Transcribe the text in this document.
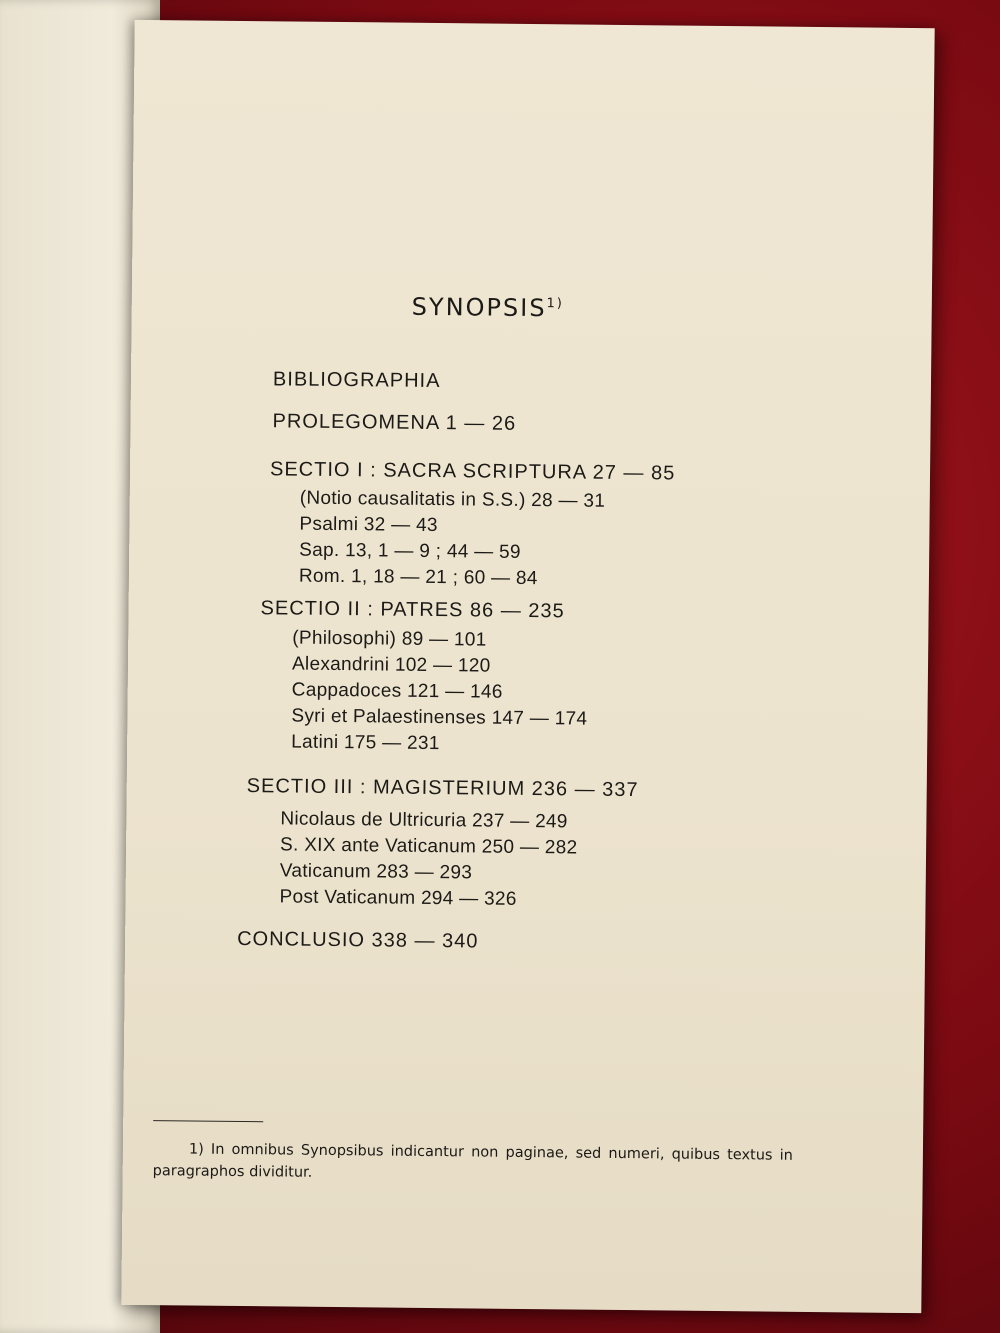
SYNOPSIS$^{1)}$
BIBLIOGRAPHIA
PROLEGOMENA 1 — 26
SECTIO I : SACRA SCRIPTURA 27 — 85
(Notio causalitatis in S.S.) 28 — 31
Psalmi 32 — 43
Sap. 13, 1 — 9 ; 44 — 59
Rom. 1, 18 — 21 ; 60 — 84
SECTIO II : PATRES 86 — 235
(Philosophi) 89 — 101
Alexandrini 102 — 120
Cappadoces 121 — 146
Syri et Palaestinenses 147 — 174
Latini 175 — 231
SECTIO III : MAGISTERIUM 236 — 337
Nicolaus de Ultricuria 237 — 249
S. XIX ante Vaticanum 250 — 282
Vaticanum 283 — 293
Post Vaticanum 294 — 326
CONCLUSIO 338 — 340
1) In omnibus Synopsibus indicantur non paginae, sed numeri, quibus textus in paragraphos dividitur.
